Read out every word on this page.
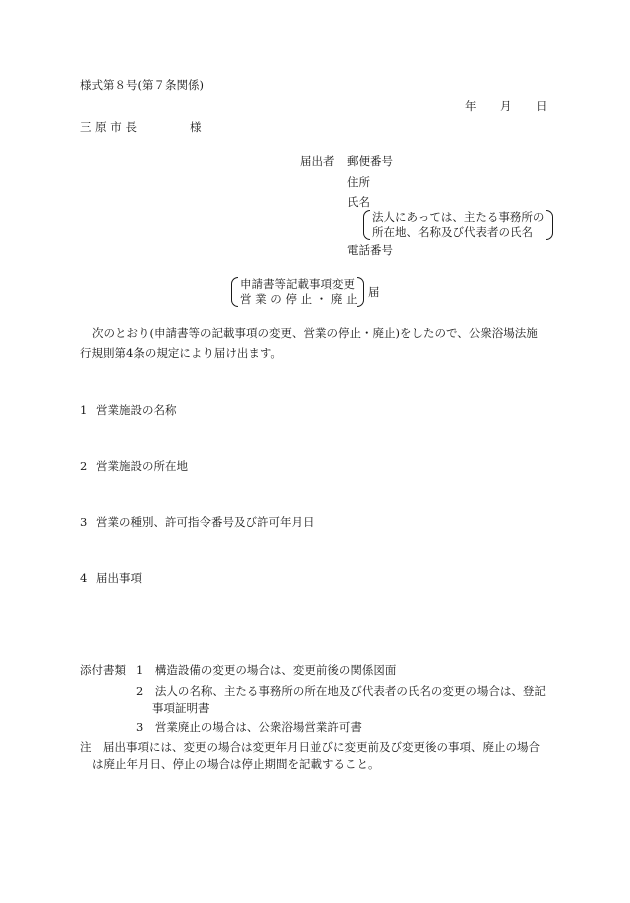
様式第８号(第７条関係)
年 月 日
三 原 市 長	様
届出者 郵便番号
住所
氏名
法人にあっては、主たる事務所の
所在地、名称及び代表者の氏名
電話番号
申請書等記載事項変更
営 業 の 停 止 ・ 廃 止 届
次のとおり(申請書等の記載事項の変更、営業の停止・廃止)をしたので、公衆浴場法施
行規則第4条の規定により届け出ます。
1 営業施設の名称
2 営業施設の所在地
3 営業の種別、許可指令番号及び許可年月日
4 届出事項
添付書類 1　構造設備の変更の場合は、変更前後の関係図面
2　法人の名称、主たる事務所の所在地及び代表者の氏名の変更の場合は、登記
事項証明書
3　営業廃止の場合は、公衆浴場営業許可書
注　届出事項には、変更の場合は変更年月日並びに変更前及び変更後の事項、廃止の場合
は廃止年月日、停止の場合は停止期間を記載すること。
